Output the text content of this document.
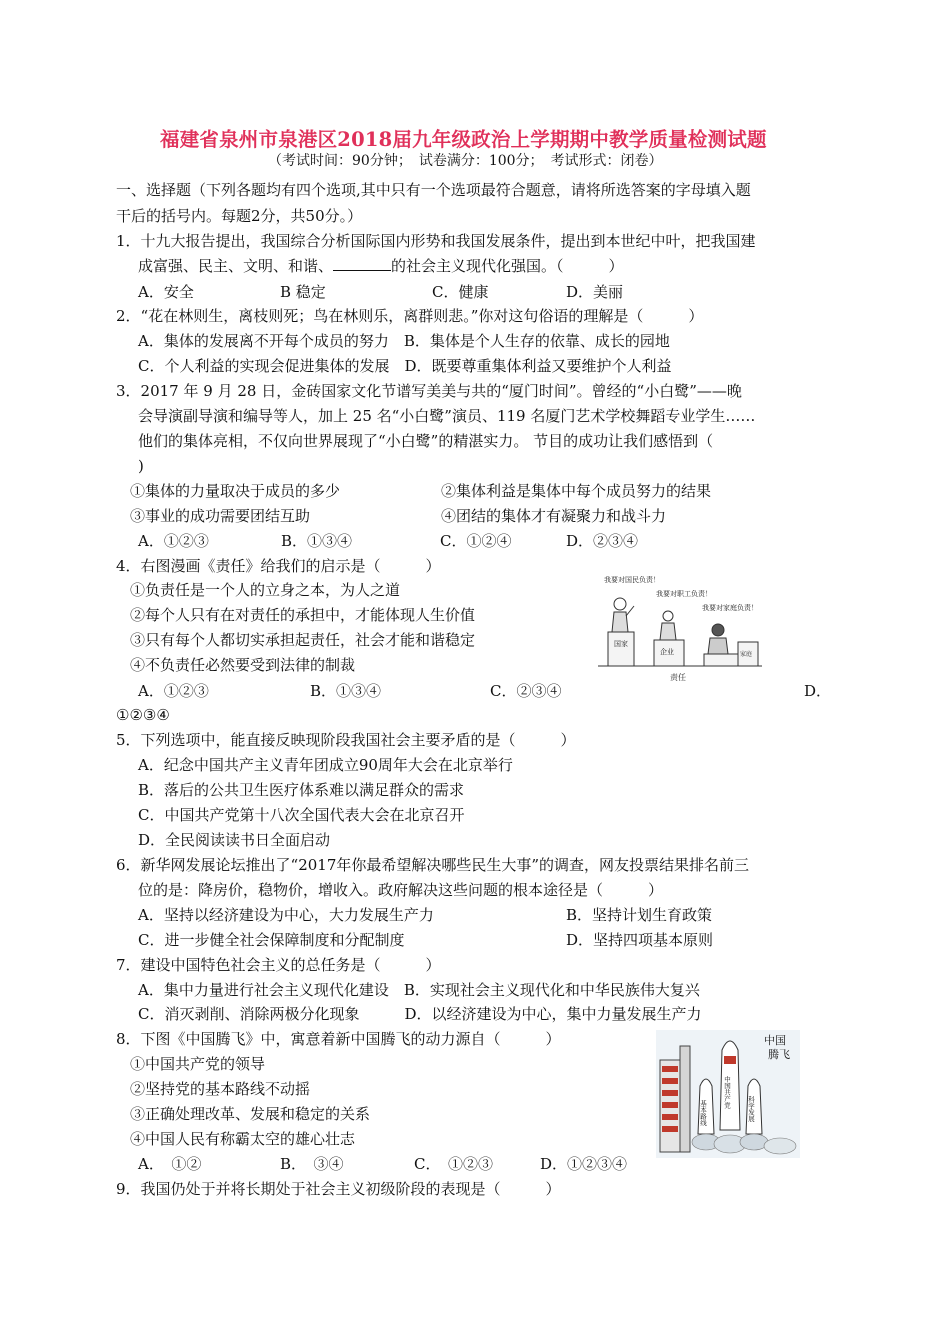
福建省泉州市泉港区2018届九年级政治上学期期中教学质量检测试题
（考试时间：90分钟；　试卷满分：100分；　考试形式：闭卷）
一、选择题（下列各题均有四个选项,其中只有一个选项最符合题意，请将所选答案的字母填入题
干后的括号内。每题2分，共50分。）
1．十九大报告提出，我国综合分析国际国内形势和我国发展条件，提出到本世纪中叶，把我国建
成富强、民主、文明、和谐、	的社会主义现代化强国。（　　　）
A．安全	B 稳定	C．健康	D．美丽
2．“花在林则生，离枝则死；鸟在林则乐，离群则悲。”你对这句俗语的理解是（　　　）
A．集体的发展离不开每个成员的努力　B．集体是个人生存的依靠、成长的园地
C．个人利益的实现会促进集体的发展　D．既要尊重集体利益又要维护个人利益
3．2017 年 9 月 28 日，金砖国家文化节谱写美美与共的“厦门时间”。曾经的“小白鹭”——晚
会导演副导演和编导等人，加上 25 名“小白鹭”演员、119 名厦门艺术学校舞蹈专业学生……
他们的集体亮相，不仅向世界展现了“小白鹭”的精湛实力。 节目的成功让我们感悟到（
)
①集体的力量取决于成员的多少	②集体利益是集体中每个成员努力的结果
③事业的成功需要团结互助	④团结的集体才有凝聚力和战斗力
A．①②③	B．①③④	C．①②④	D．②③④
4．右图漫画《责任》给我们的启示是（　　　）
①负责任是一个人的立身之本，为人之道
②每个人只有在对责任的承担中，才能体现人生价值
③只有每个人都切实承担起责任，社会才能和谐稳定
④不负责任必然要受到法律的制裁
A．①②③	B．①③④	C．②③④	D．
①②③④
我要对国民负责！
我要对职工负责！
我要对家庭负责！
国家
企业	家庭
责任
5．下列选项中，能直接反映现阶段我国社会主要矛盾的是（　　　）
A．纪念中国共产主义青年团成立90周年大会在北京举行
B．落后的公共卫生医疗体系难以满足群众的需求
C．中国共产党第十八次全国代表大会在北京召开
D．全民阅读读书日全面启动
6．新华网发展论坛推出了“2017年你最希望解决哪些民生大事”的调查，网友投票结果排名前三
位的是：降房价，稳物价，增收入。政府解决这些问题的根本途径是（　　　）
A．坚持以经济建设为中心，大力发展生产力	B．坚持计划生育政策
C．进一步健全社会保障制度和分配制度	D．坚持四项基本原则
7．建设中国特色社会主义的总任务是（　　　）
A．集中力量进行社会主义现代化建设　B．实现社会主义现代化和中华民族伟大复兴
C．消灭剥削、消除两极分化现象　　　D．以经济建设为中心，集中力量发展生产力
8．下图《中国腾飞》中，寓意着新中国腾飞的动力源自（　　　）
①中国共产党的领导
②坚持党的基本路线不动摇
③正确处理改革、发展和稳定的关系
④中国人民有称霸太空的雄心壮志
A．　①②	B．　③④	C．　①②③	D．①②③④
中国
腾飞
基本路线
中国共产党
科学发展
9．我国仍处于并将长期处于社会主义初级阶段的表现是（　　　）
